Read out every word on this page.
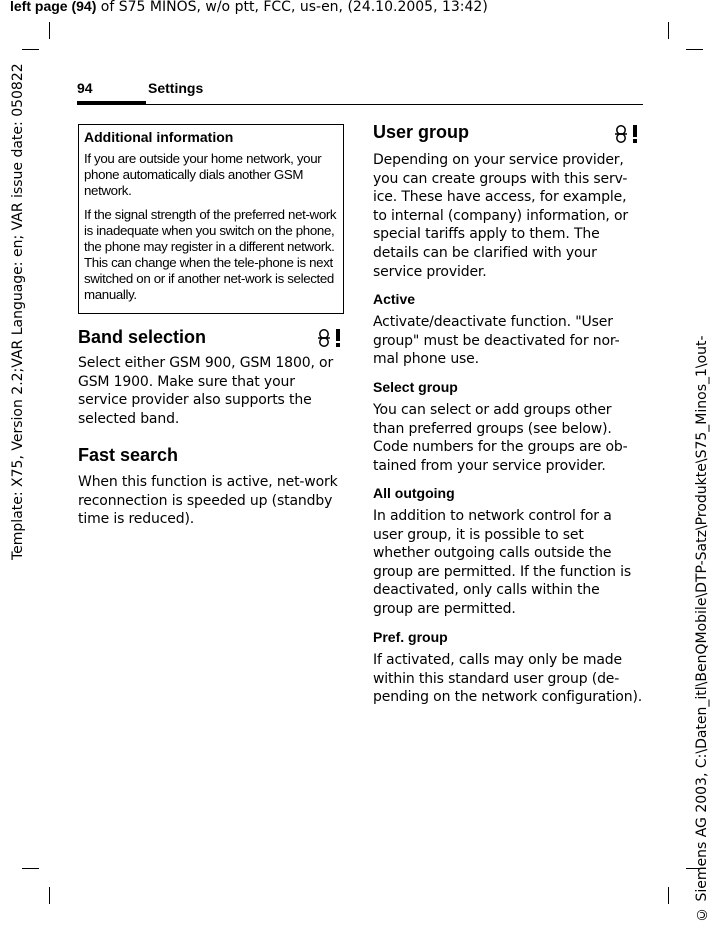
left page (94) of S75 MINOS, w/o ptt, FCC, us-en, (24.10.2005, 13:42)
Template: X75, Version 2.2;VAR Language: en; VAR issue date: 050822
© Siemens AG 2003, C:\Daten_itl\BenQMobile\DTP-Satz\Produkte\S75_Minos_1\out-
94	Settings
Additional information

If you are outside your home network, your phone automatically dials another GSM network.

If the signal strength of the preferred net-work is inadequate when you switch on the phone, the phone may register in a different network. This can change when the tele-phone is next switched on or if another net-work is selected manually.

Band selection
Select either GSM 900, GSM 1800, or GSM 1900. Make sure that your service provider also supports the selected band.
Fast search
When this function is active, net-work reconnection is speeded up (standby time is reduced).
User group
Depending on your service provider, you can create groups with this serv-ice. These have access, for example, to internal (company) information, or special tariffs apply to them. The details can be clarified with your service provider.
Active
Activate/deactivate function. "User group" must be deactivated for nor-mal phone use.
Select group
You can select or add groups other than preferred groups (see below). Code numbers for the groups are ob-tained from your service provider.
All outgoing
In addition to network control for a user group, it is possible to set whether outgoing calls outside the group are permitted. If the function is deactivated, only calls within the group are permitted.
Pref. group
If activated, calls may only be made within this standard user group (de-pending on the network configuration).
